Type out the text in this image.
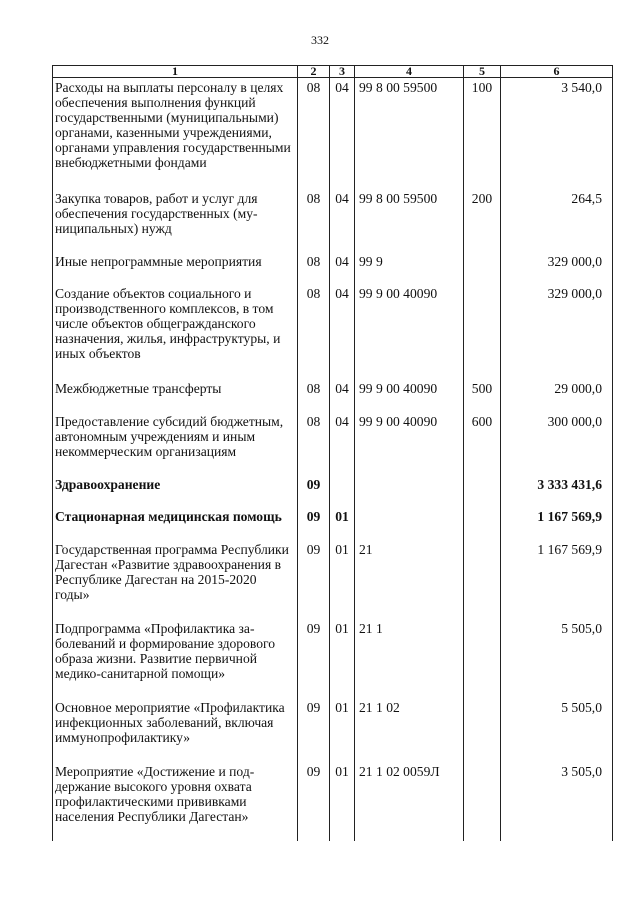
332
1	2	3	4	5	6
Расходы на выплаты персоналу в целях обеспечения выполнения функций государственными (муниципальными) органами, казенными учреждениями, органами управления государственными внебюджетными фондами	08	04	99 8 00 59500	100	3 540,0
Закупка товаров, работ и услуг для обеспечения государственных (муниципальных) нужд	08	04	99 8 00 59500	200	264,5
Иные непрограммные мероприятия	08	04	99 9		329 000,0
Создание объектов социального и производственного комплексов, в том числе объектов общегражданского назначения, жилья, инфраструктуры, и иных объектов	08	04	99 9 00 40090		329 000,0
Межбюджетные трансферты	08	04	99 9 00 40090	500	29 000,0
Предоставление субсидий бюджетным, автономным учреждениям и иным некоммерческим организациям	08	04	99 9 00 40090	600	300 000,0
Здравоохранение	09				3 333 431,6
Стационарная медицинская помощь	09	01			1 167 569,9
Государственная программа Республики Дагестан «Развитие здравоохранения в Республике Дагестан на 2015-2020 годы»	09	01	21		1 167 569,9
Подпрограмма «Профилактика заболеваний и формирование здорового образа жизни. Развитие первичной медико-санитарной помощи»	09	01	21 1		5 505,0
Основное мероприятие «Профилактика инфекционных заболеваний, включая иммунопрофилактику»	09	01	21 1 02		5 505,0
Мероприятие «Достижение и поддержание высокого уровня охвата профилактическими прививками населения Республики Дагестан»	09	01	21 1 02 0059Л		3 505,0
